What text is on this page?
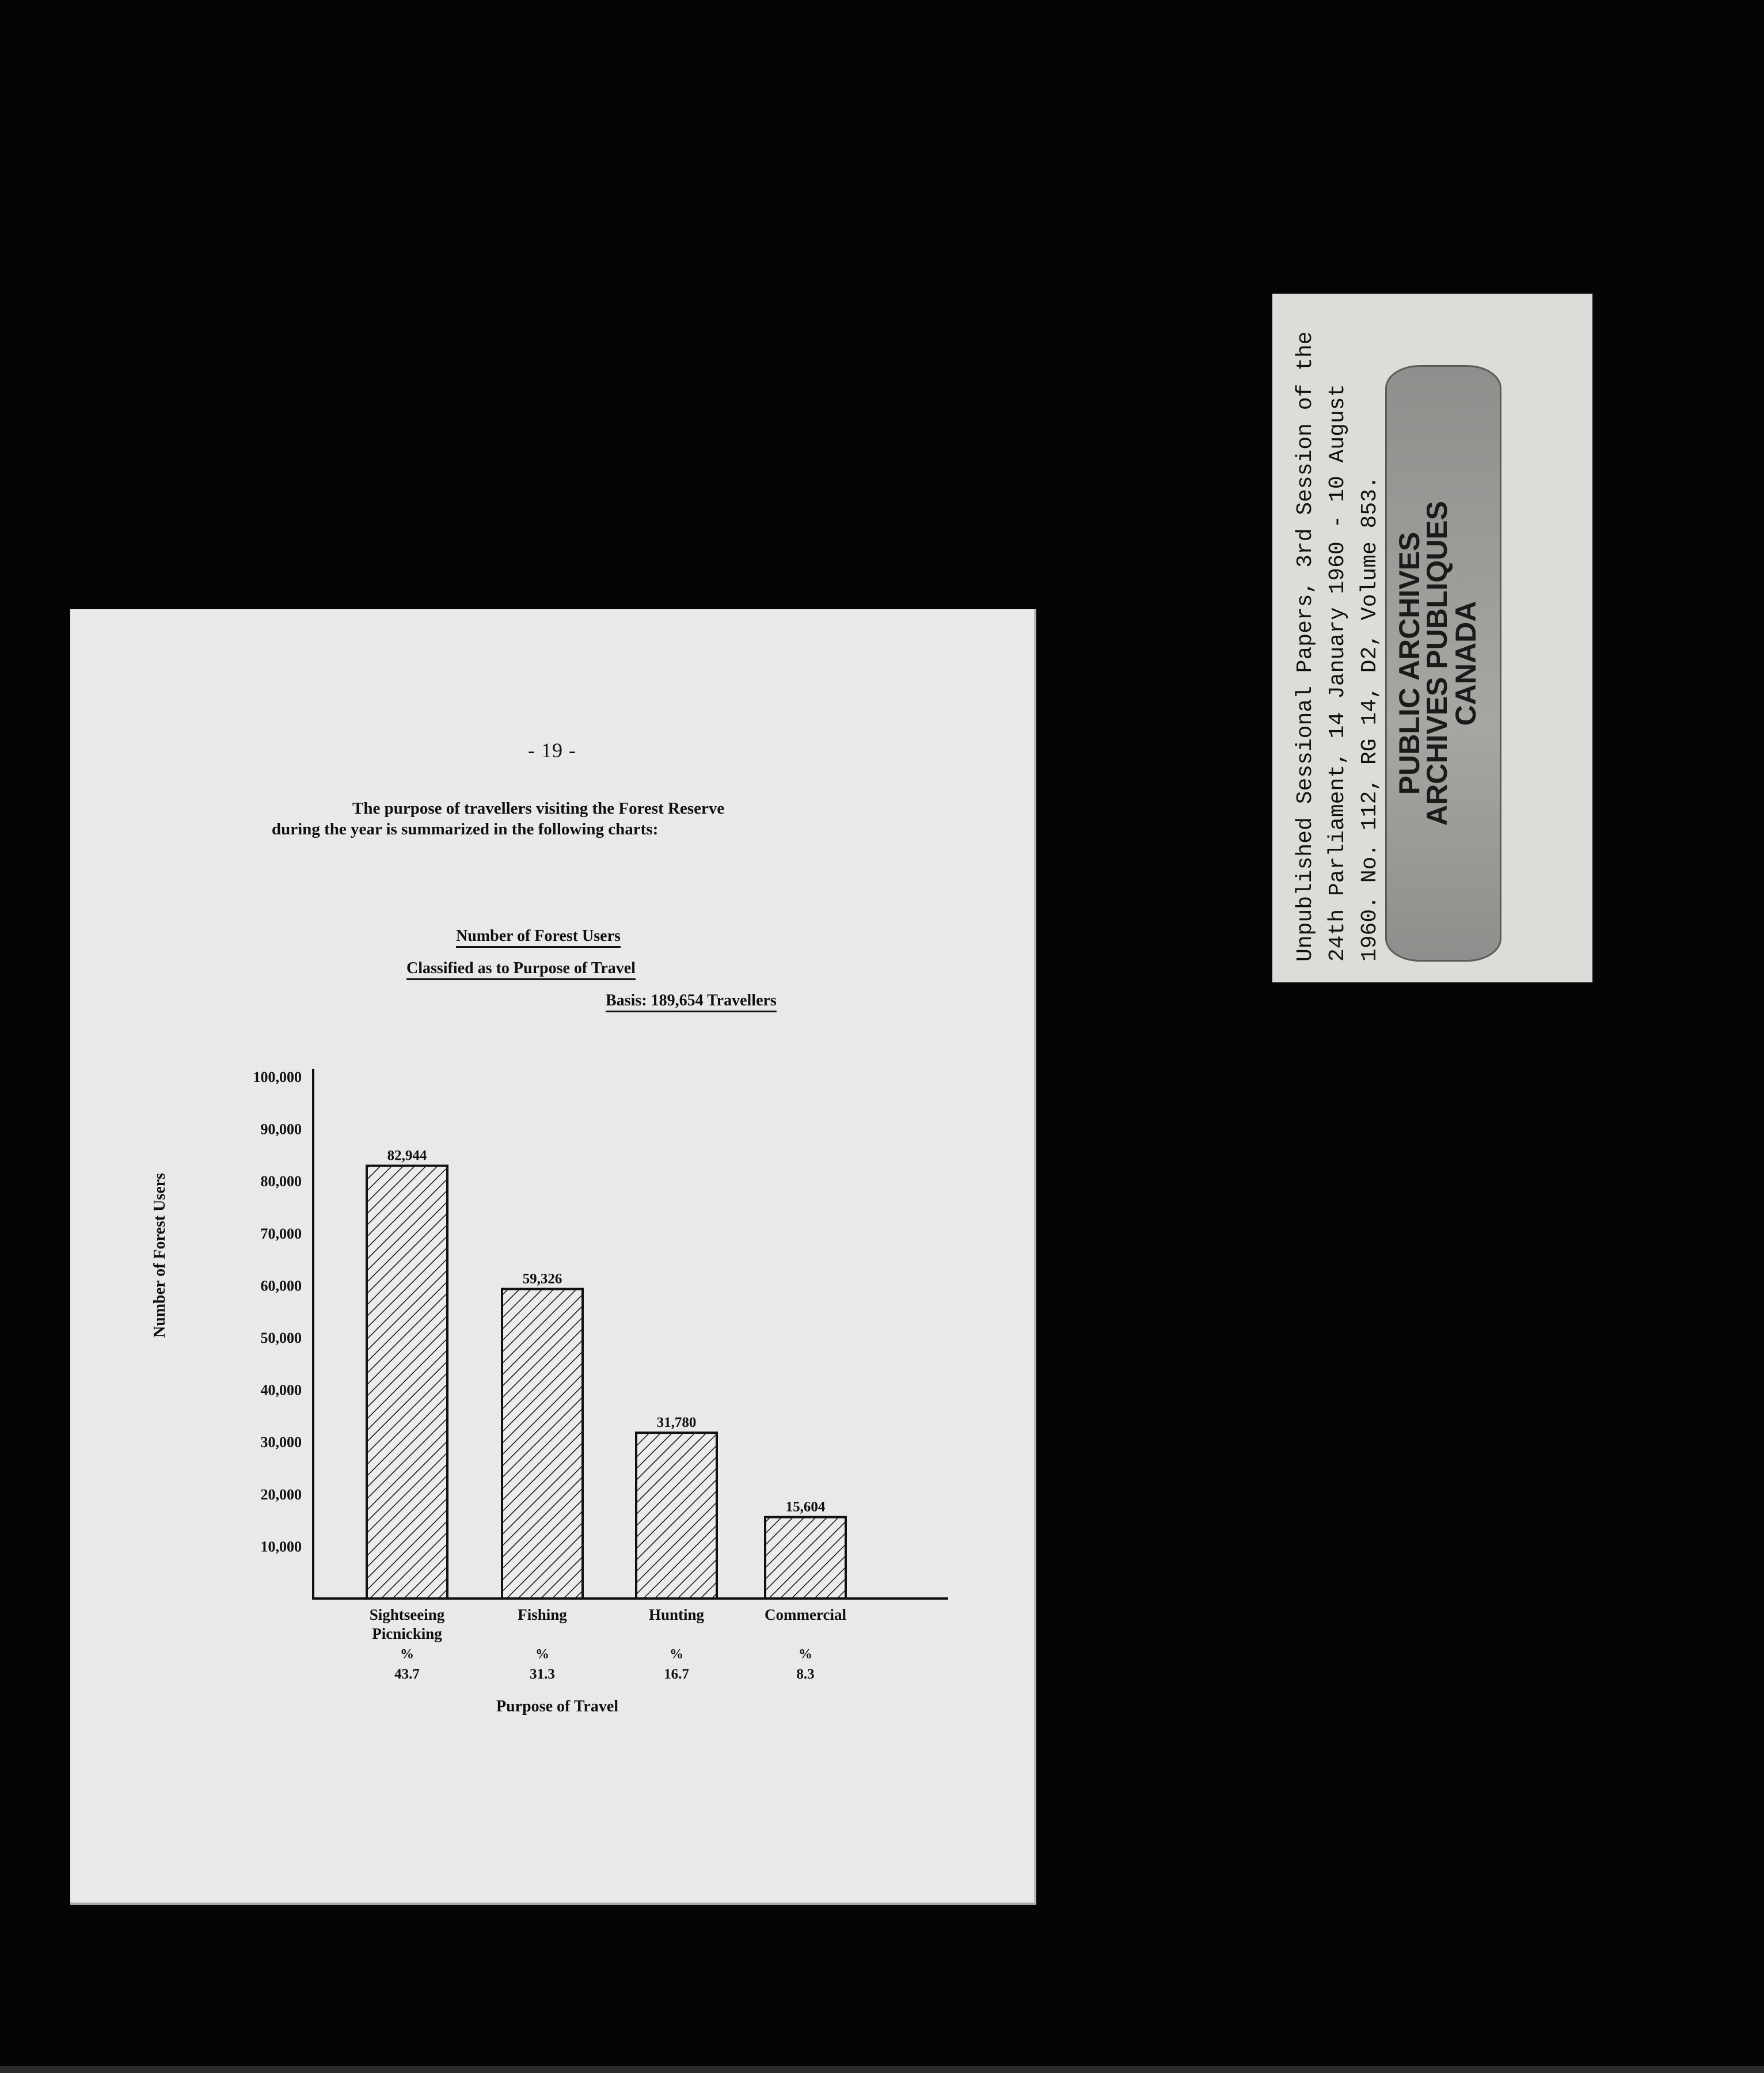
- 19 -
The purpose of travellers visiting the Forest Reserve
during the year is summarized in the following charts:
Number of Forest Users
Classified as to Purpose of Travel
Basis: 189,654 Travellers
10,000
20,000
30,000
40,000
50,000
60,000
70,000
80,000
90,000
100,000
82,944
59,326
31,780
15,604
Number of Forest Users
Sightseeing
Picnicking
%
43.7
Fishing
%
31.3
Hunting
%
16.7
Commercial
%
8.3
Purpose of Travel
Unpublished Sessional Papers, 3rd Session of the 24th Parliament, 14 January 1960 - 10 August 1960. No. 112, RG 14, D2, Volume 853. PUBLIC ARCHIVES
ARCHIVES PUBLIQUES
CANADA
